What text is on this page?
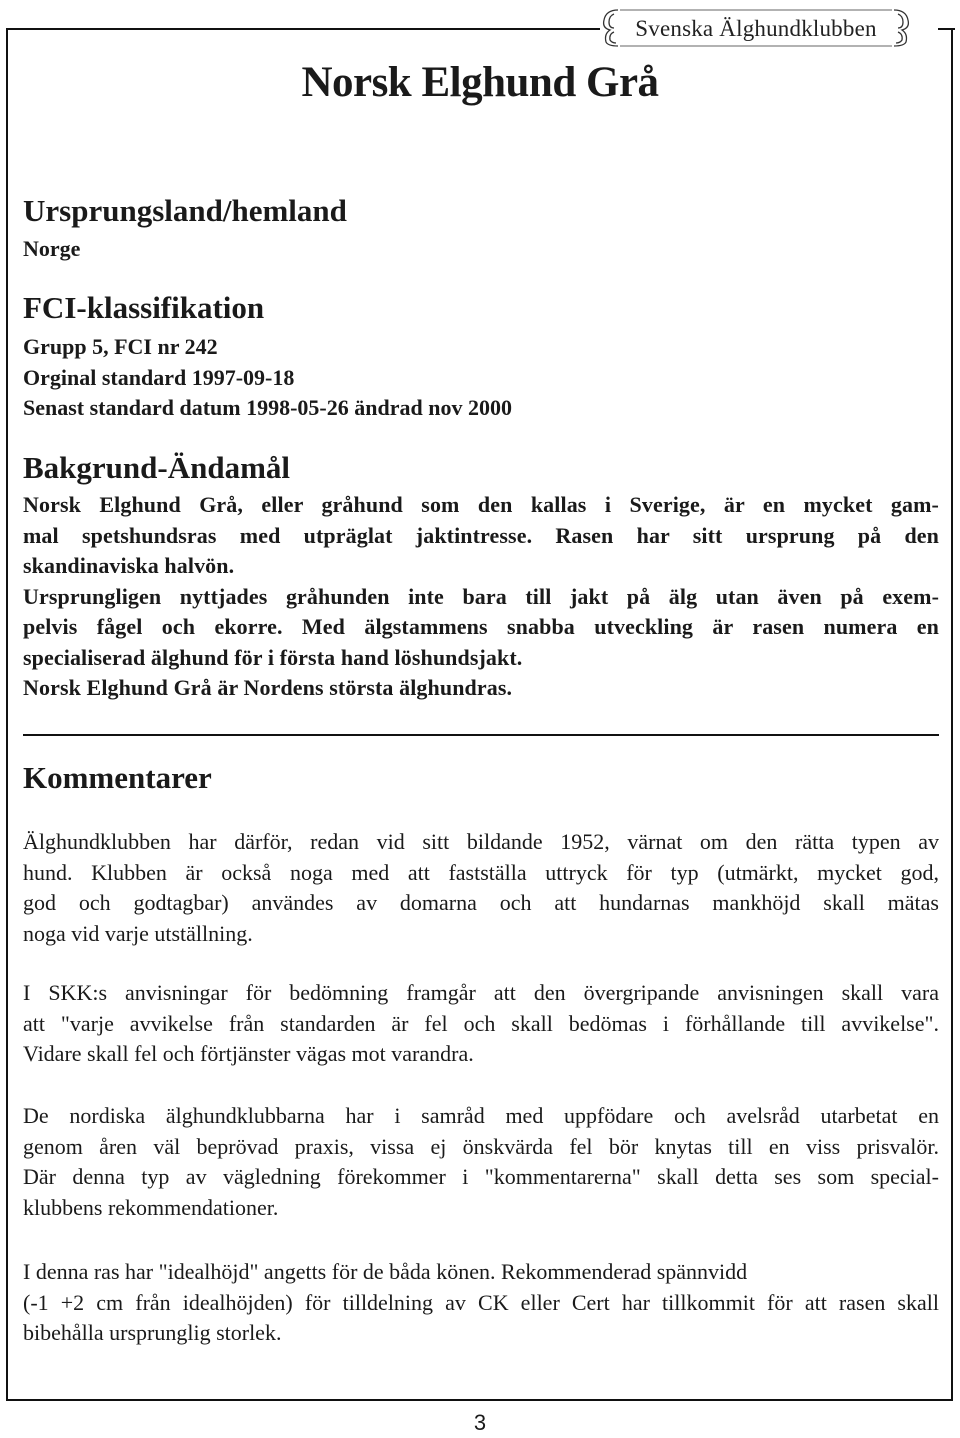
Svenska Älghundklubben
Norsk Elghund Grå
Ursprungsland/hemland
Norge
FCI-klassifikation
Grupp 5, FCI nr 242
Orginal standard 1997-09-18
Senast standard datum 1998-05-26 ändrad nov 2000
Bakgrund-Ändamål
Norsk Elghund Grå, eller gråhund som den kallas i Sverige, är en mycket gam-
mal spetshundsras med utpräglat jaktintresse. Rasen har sitt ursprung på den
skandinaviska halvön.
Ursprungligen nyttjades gråhunden inte bara till jakt på älg utan även på exem-
pelvis fågel och ekorre. Med älgstammens snabba utveckling är rasen numera en
specialiserad älghund för i första hand löshundsjakt.
Norsk Elghund Grå är Nordens största älghundras.
Kommentarer
Älghundklubben har därför, redan vid sitt bildande 1952, värnat om den rätta typen av
hund. Klubben är också noga med att fastställa uttryck för typ (utmärkt, mycket god,
god och godtagbar) användes av domarna och att hundarnas mankhöjd skall mätas
noga vid varje utställning.
I SKK:s anvisningar för bedömning framgår att den övergripande anvisningen skall vara
att "varje avvikelse från standarden är fel och skall bedömas i förhållande till avvikelse".
Vidare skall fel och förtjänster vägas mot varandra.
De nordiska älghundklubbarna har i samråd med uppfödare och avelsråd utarbetat en
genom åren väl beprövad praxis, vissa ej önskvärda fel bör knytas till en viss prisvalör.
Där denna typ av vägledning förekommer i "kommentarerna" skall detta ses som special-
klubbens rekommendationer.
I denna ras har "idealhöjd" angetts för de båda könen. Rekommenderad spännvidd
(-1 +2 cm från idealhöjden) för tilldelning av CK eller Cert har tillkommit för att rasen skall
bibehålla ursprunglig storlek.
3
